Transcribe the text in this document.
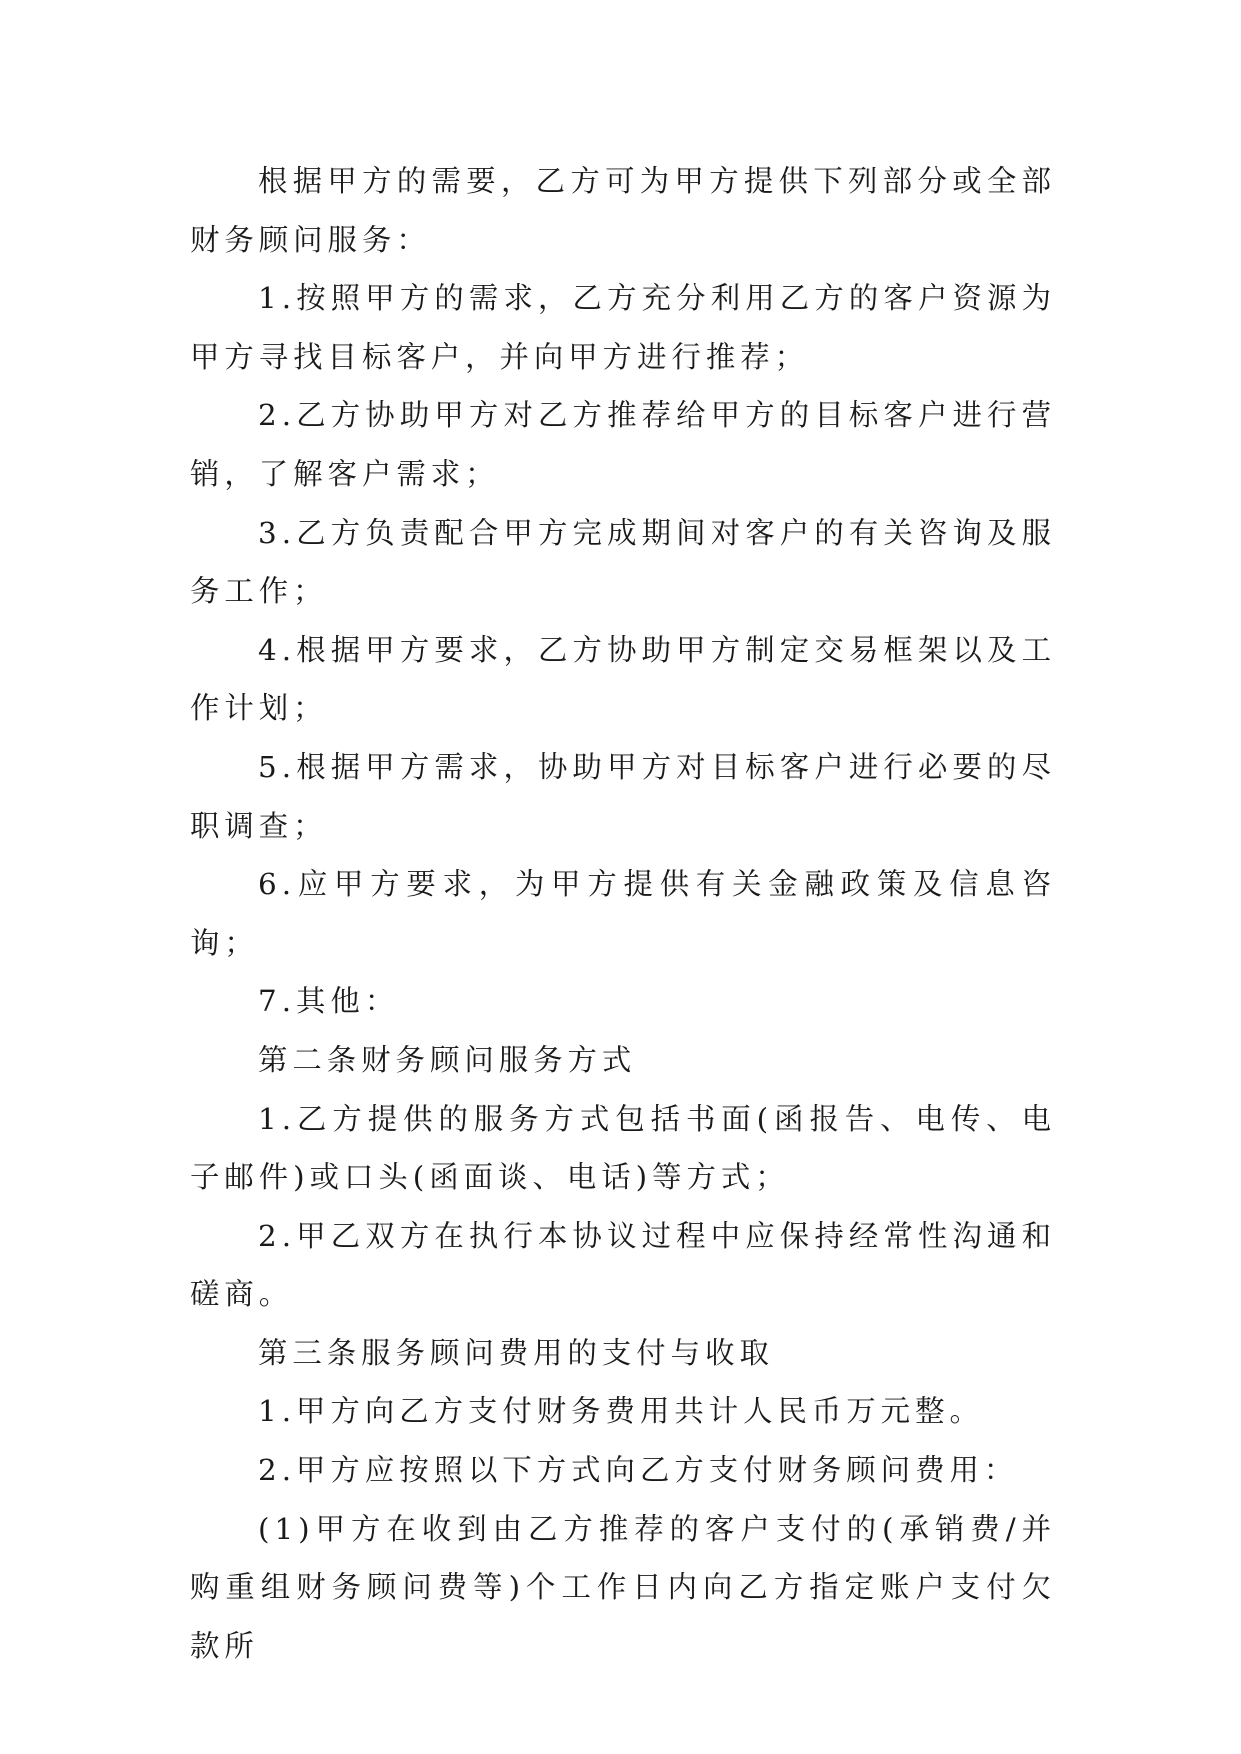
根据甲方的需要，乙方可为甲方提供下列部分或全部财务顾问服务：

1.按照甲方的需求，乙方充分利用乙方的客户资源为甲方寻找目标客户，并向甲方进行推荐；

2.乙方协助甲方对乙方推荐给甲方的目标客户进行营销，了解客户需求；

3.乙方负责配合甲方完成期间对客户的有关咨询及服务工作；

4.根据甲方要求，乙方协助甲方制定交易框架以及工作计划；

5.根据甲方需求，协助甲方对目标客户进行必要的尽职调查；

6.应甲方要求，为甲方提供有关金融政策及信息咨询；

7.其他：

第二条财务顾问服务方式

1.乙方提供的服务方式包括书面(函报告、电传、电子邮件)或口头(函面谈、电话)等方式；

2.甲乙双方在执行本协议过程中应保持经常性沟通和磋商。

第三条服务顾问费用的支付与收取

1.甲方向乙方支付财务费用共计人民币万元整。

2.甲方应按照以下方式向乙方支付财务顾问费用：

(1)甲方在收到由乙方推荐的客户支付的(承销费/并购重组财务顾问费等)个工作日内向乙方指定账户支付欠款所
